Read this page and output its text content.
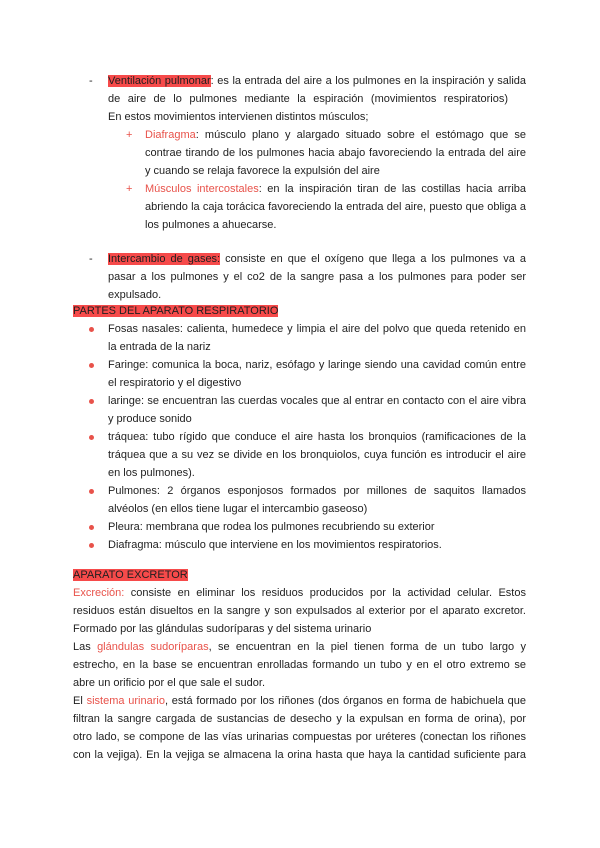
- Ventilación pulmonar: es la entrada del aire a los pulmones en la inspiración y salida
de aire de lo pulmones mediante la espiración (movimientos respiratorios)
En estos movimientos intervienen distintos músculos;
+ Diafragma: músculo plano y alargado situado sobre el estómago que se
contrae tirando de los pulmones hacia abajo favoreciendo la entrada del aire
y cuando se relaja favorece la expulsión del aire
+ Músculos intercostales: en la inspiración tiran de las costillas hacia arriba
abriendo la caja torácica favoreciendo la entrada del aire, puesto que obliga a
los pulmones a ahuecarse.
- Intercambio de gases: consiste en que el oxígeno que llega a los pulmones va a
pasar a los pulmones y el co2 de la sangre pasa a los pulmones para poder ser
expulsado.
PARTES DEL APARATO RESPIRATORIO
Fosas nasales: calienta, humedece y limpia el aire del polvo que queda retenido en
la entrada de la nariz
Faringe: comunica la boca, nariz, esófago y laringe siendo una cavidad común entre
el respiratorio y el digestivo
laringe: se encuentran las cuerdas vocales que al entrar en contacto con el aire vibra
y produce sonido
tráquea: tubo rígido que conduce el aire hasta los bronquios (ramificaciones de la
tráquea que a su vez se divide en los bronquiolos, cuya función es introducir el aire
en los pulmones).
Pulmones: 2 órganos esponjosos formados por millones de saquitos llamados
alvéolos (en ellos tiene lugar el intercambio gaseoso)
Pleura: membrana que rodea los pulmones recubriendo su exterior
Diafragma: músculo que interviene en los movimientos respiratorios.
APARATO EXCRETOR
Excreción: consiste en eliminar los residuos producidos por la actividad celular. Estos
residuos están disueltos en la sangre y son expulsados al exterior por el aparato excretor.
Formado por las glándulas sudoríparas y del sistema urinario
Las glándulas sudoríparas, se encuentran en la piel tienen forma de un tubo largo y
estrecho, en la base se encuentran enrolladas formando un tubo y en el otro extremo se
abre un orificio por el que sale el sudor.
El sistema urinario, está formado por los riñones (dos órganos en forma de habichuela que
filtran la sangre cargada de sustancias de desecho y la expulsan en forma de orina), por
otro lado, se compone de las vías urinarias compuestas por uréteres (conectan los riñones
con la vejiga). En la vejiga se almacena la orina hasta que haya la cantidad suficiente para
